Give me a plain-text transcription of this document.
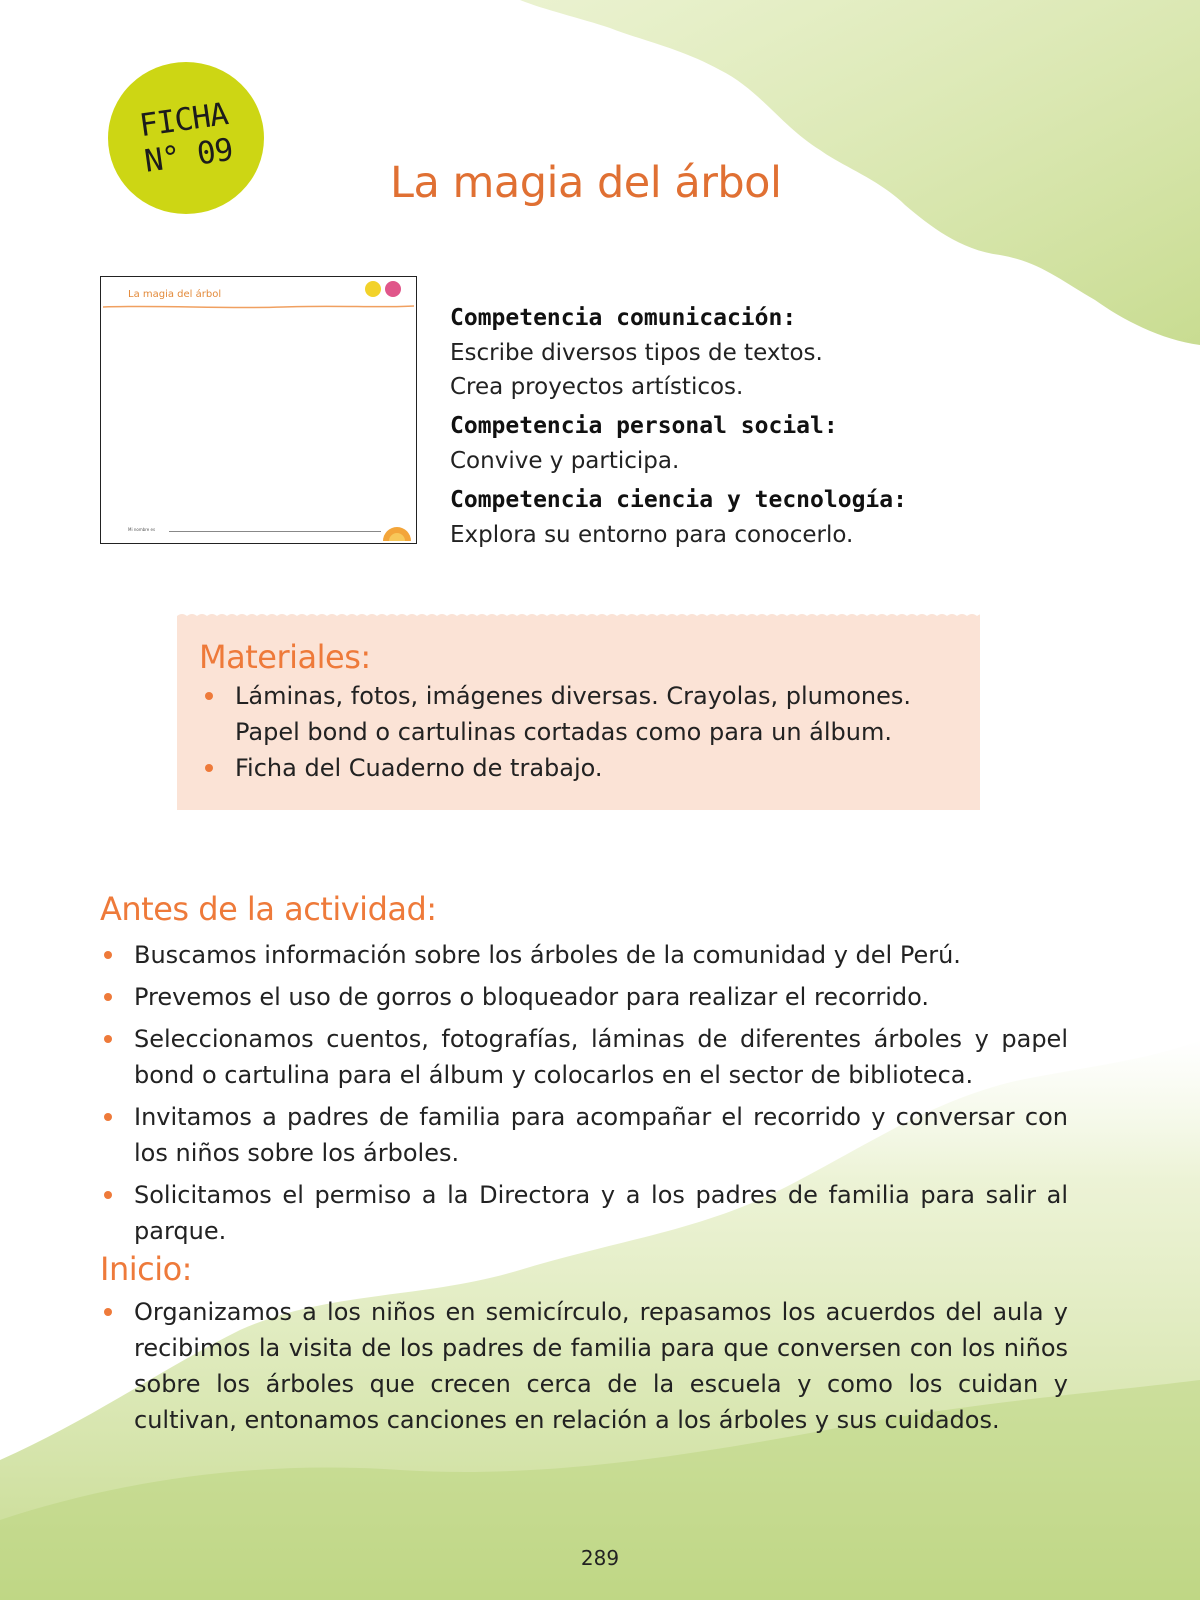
FICHA
N° 09
La magia del árbol
La magia del árbol
Mi nombre es
Competencia comunicación:
Escribe diversos tipos de textos.
Crea proyectos artísticos.
Competencia personal social:
Convive y participa.
Competencia ciencia y tecnología:
Explora su entorno para conocerlo.
Materiales:
Láminas, fotos, imágenes diversas. Crayolas, plumones. Papel bond o cartulinas cortadas como para un álbum.
Ficha del Cuaderno de trabajo.
Antes de la actividad:
Buscamos información sobre los árboles de la comunidad y del Perú.
Prevemos el uso de gorros o bloqueador para realizar el recorrido.
Seleccionamos cuentos, fotografías, láminas de diferentes árboles y papel bond o cartulina para el álbum y colocarlos en el sector de biblioteca.
Invitamos a padres de familia para acompañar el recorrido y conversar con los niños sobre los árboles.
Solicitamos el permiso a la Directora y a los padres de familia para salir al parque.
Inicio:
Organizamos a los niños en semicírculo, repasamos los acuerdos del aula y recibimos la visita de los padres de familia para que conversen con los niños sobre los árboles que crecen cerca de la escuela y como los cuidan y cultivan, entonamos canciones en relación a los árboles y sus cuidados.
289
